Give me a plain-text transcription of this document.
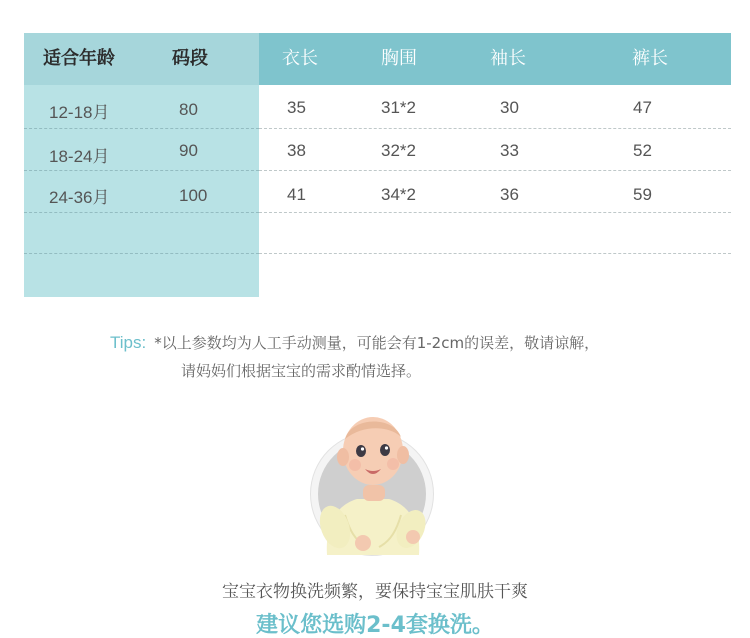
适合年龄	码段	衣长	胸围	袖长	裤长
12-18月	80	35	31*2	30	47
18-24月	90	38	32*2	33	52
24-36月	100	41	34*2	36	59
Tips: *以上参数均为人工手动测量，可能会有1-2cm的误差，敬请谅解，
请妈妈们根据宝宝的需求酌情选择。
宝宝衣物换洗频繁，要保持宝宝肌肤干爽
建议您选购2-4套换洗。
